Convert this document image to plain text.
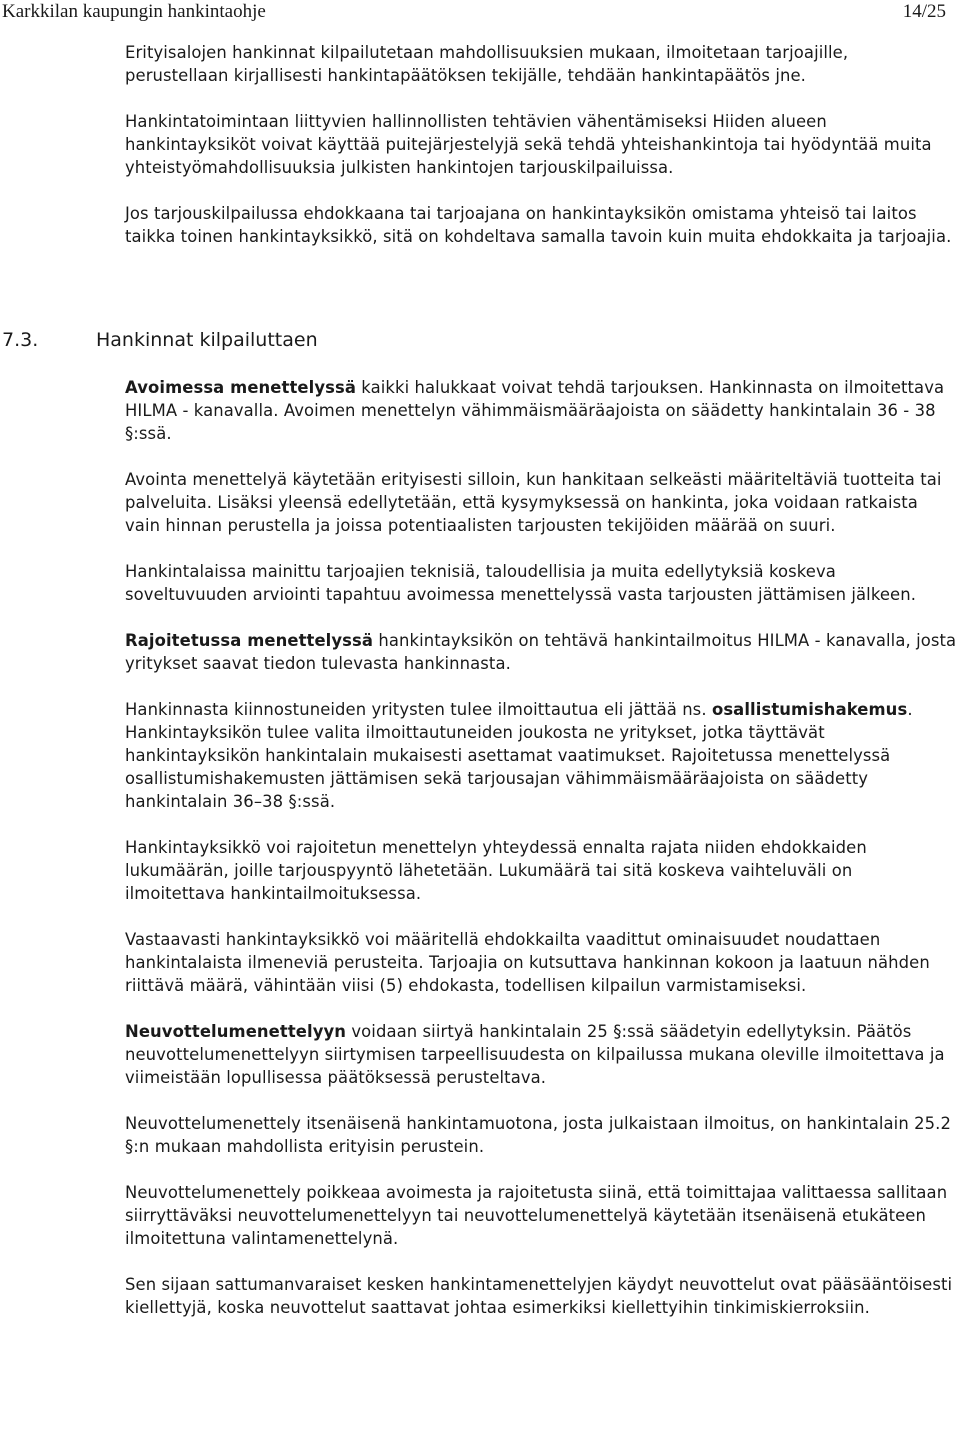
Karkkilan kaupungin hankintaohje	14/25

Erityisalojen hankinnat kilpailutetaan mahdollisuuksien mukaan, ilmoitetaan tarjoajille, perustellaan kirjallisesti hankintapäätöksen tekijälle, tehdään hankintapäätös jne.

Hankintatoimintaan liittyvien hallinnollisten tehtävien vähentämiseksi Hiiden alueen hankintayksiköt voivat käyttää puitejärjestelyjä sekä tehdä yhteishankintoja tai hyödyntää muita yhteistyömahdollisuuksia julkisten hankintojen tarjouskilpailuissa.

Jos tarjouskilpailussa ehdokkaana tai tarjoajana on hankintayksikön omistama yhteisö tai laitos taikka toinen hankintayksikkö, sitä on kohdeltava samalla tavoin kuin muita ehdokkaita ja tarjoajia.

7.3.	Hankinnat kilpailuttaen

Avoimessa menettelyssä kaikki halukkaat voivat tehdä tarjouksen. Hankinnasta on ilmoitettava HILMA - kanavalla. Avoimen menettelyn vähimmäismääräajoista on säädetty hankintalain 36 - 38 §:ssä.

Avointa menettelyä käytetään erityisesti silloin, kun hankitaan selkeästi määriteltäviä tuotteita tai palveluita. Lisäksi yleensä edellytetään, että kysymyksessä on hankinta, joka voidaan ratkaista vain hinnan perustella ja joissa potentiaalisten tarjousten tekijöiden määrää on suuri.

Hankintalaissa mainittu tarjoajien teknisiä, taloudellisia ja muita edellytyksiä koskeva soveltuvuuden arviointi tapahtuu avoimessa menettelyssä vasta tarjousten jättämisen jälkeen.

Rajoitetussa menettelyssä hankintayksikön on tehtävä hankintailmoitus HILMA - kanavalla, josta yritykset saavat tiedon tulevasta hankinnasta.

Hankinnasta kiinnostuneiden yritysten tulee ilmoittautua eli jättää ns. osallistumishakemus. Hankintayksikön tulee valita ilmoittautuneiden joukosta ne yritykset, jotka täyttävät hankintayksikön hankintalain mukaisesti asettamat vaatimukset. Rajoitetussa menettelyssä osallistumishakemusten jättämisen sekä tarjousajan vähimmäismääräajoista on säädetty hankintalain 36–38 §:ssä.

Hankintayksikkö voi rajoitetun menettelyn yhteydessä ennalta rajata niiden ehdokkaiden lukumäärän, joille tarjouspyyntö lähetetään. Lukumäärä tai sitä koskeva vaihteluväli on ilmoitettava hankintailmoituksessa.

Vastaavasti hankintayksikkö voi määritellä ehdokkailta vaadittut ominaisuudet noudattaen hankintalaista ilmeneviä perusteita. Tarjoajia on kutsuttava hankinnan kokoon ja laatuun nähden riittävä määrä, vähintään viisi (5) ehdokasta, todellisen kilpailun varmistamiseksi.

Neuvottelumenettelyyn voidaan siirtyä hankintalain 25 §:ssä säädetyin edellytyksin. Päätös neuvottelumenettelyyn siirtymisen tarpeellisuudesta on kilpailussa mukana oleville ilmoitettava ja viimeistään lopullisessa päätöksessä perusteltava.

Neuvottelumenettely itsenäisenä hankintamuotona, josta julkaistaan ilmoitus, on hankintalain 25.2 §:n mukaan mahdollista erityisin perustein.

Neuvottelumenettely poikkeaa avoimesta ja rajoitetusta siinä, että toimittajaa valittaessa sallitaan siirryttäväksi neuvottelumenettelyyn tai neuvottelumenettelyä käytetään itsenäisenä etukäteen ilmoitettuna valintamenettelynä.

Sen sijaan sattumanvaraiset kesken hankintamenettelyjen käydyt neuvottelut ovat pääsääntöisesti kiellettyjä, koska neuvottelut saattavat johtaa esimerkiksi kiellettyihin tinkimiskierroksiin.
